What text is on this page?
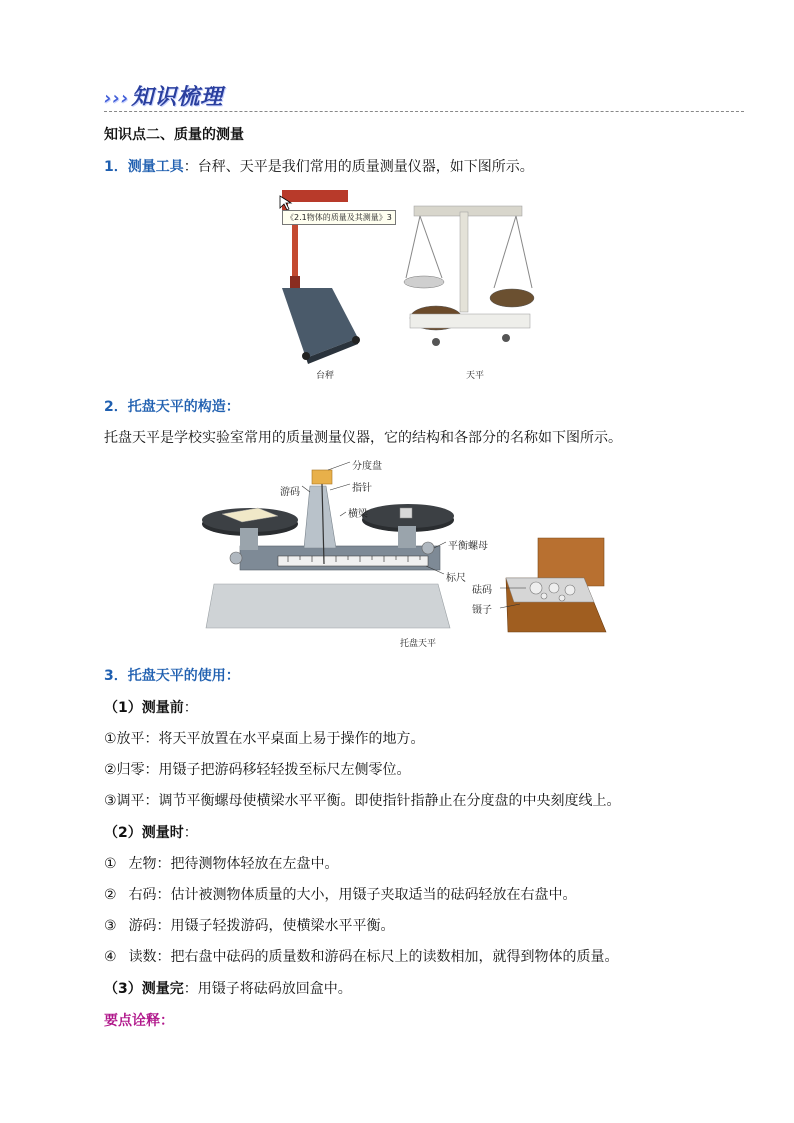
›››知识梳理
知识点二、质量的测量
1．测量工具：台秤、天平是我们常用的质量测量仪器，如下图所示。
《2.1物体的质量及其测量》3
台秤	天平
2．托盘天平的构造：
托盘天平是学校实验室常用的质量测量仪器，它的结构和各部分的名称如下图所示。
分度盘
游码	指针
横梁
平衡螺母
标尺
砝码
镊子
托盘天平
3．托盘天平的使用：
（1）测量前：
①放平：将天平放置在水平桌面上易于操作的地方。
②归零：用镊子把游码移轻轻拨至标尺左侧零位。
③调平：调节平衡螺母使横梁水平平衡。即使指针指静止在分度盘的中央刻度线上。
（2）测量时：
① 左物：把待测物体轻放在左盘中。
② 右码：估计被测物体质量的大小，用镊子夹取适当的砝码轻放在右盘中。
③ 游码：用镊子轻拨游码，使横梁水平平衡。
④ 读数：把右盘中砝码的质量数和游码在标尺上的读数相加，就得到物体的质量。
（3）测量完：用镊子将砝码放回盒中。
要点诠释：
